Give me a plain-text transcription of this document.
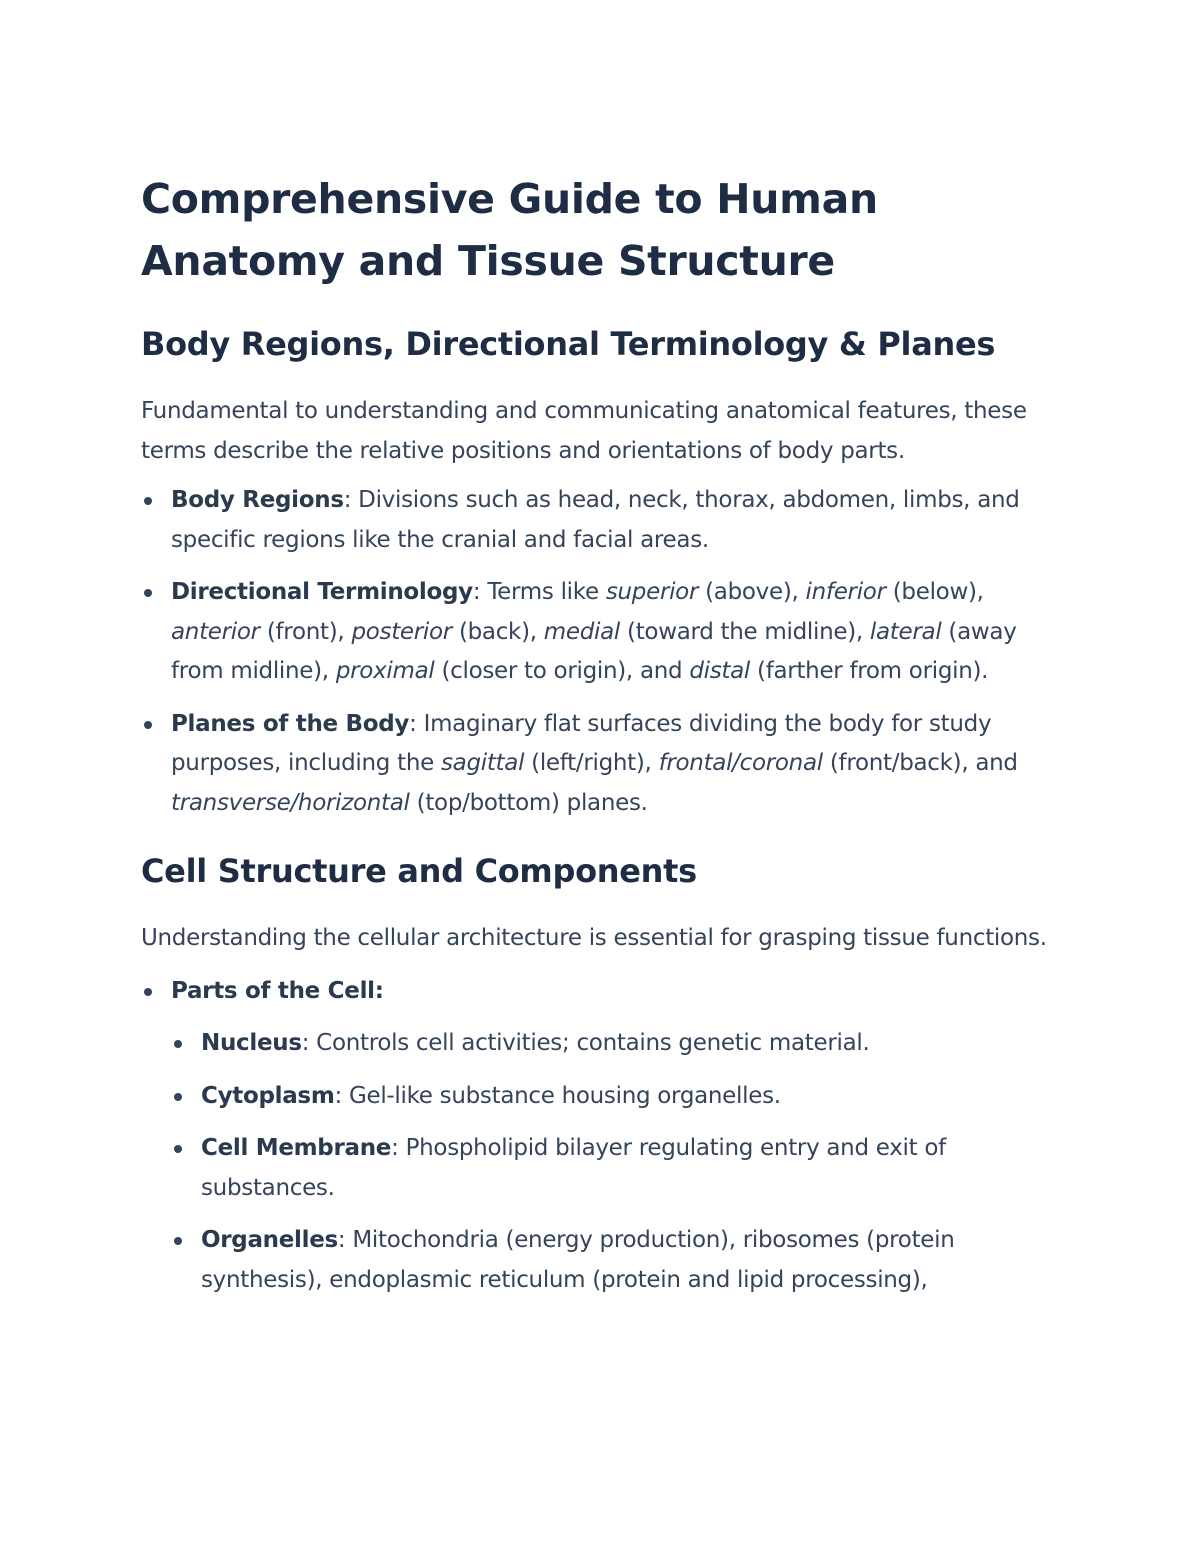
Comprehensive Guide to Human Anatomy and Tissue Structure
Body Regions, Directional Terminology & Planes

Fundamental to understanding and communicating anatomical features, these terms describe the relative positions and orientations of body parts.

Body Regions: Divisions such as head, neck, thorax, abdomen, limbs, and specific regions like the cranial and facial areas.
Directional Terminology: Terms like superior (above), inferior (below), anterior (front), posterior (back), medial (toward the midline), lateral (away from midline), proximal (closer to origin), and distal (farther from origin).
Planes of the Body: Imaginary flat surfaces dividing the body for study purposes, including the sagittal (left/right), frontal/coronal (front/back), and transverse/horizontal (top/bottom) planes.
Cell Structure and Components

Understanding the cellular architecture is essential for grasping tissue functions.

Parts of the Cell:
Nucleus: Controls cell activities; contains genetic material.
Cytoplasm: Gel-like substance housing organelles.
Cell Membrane: Phospholipid bilayer regulating entry and exit of substances.
Organelles: Mitochondria (energy production), ribosomes (protein synthesis), endoplasmic reticulum (protein and lipid processing),
